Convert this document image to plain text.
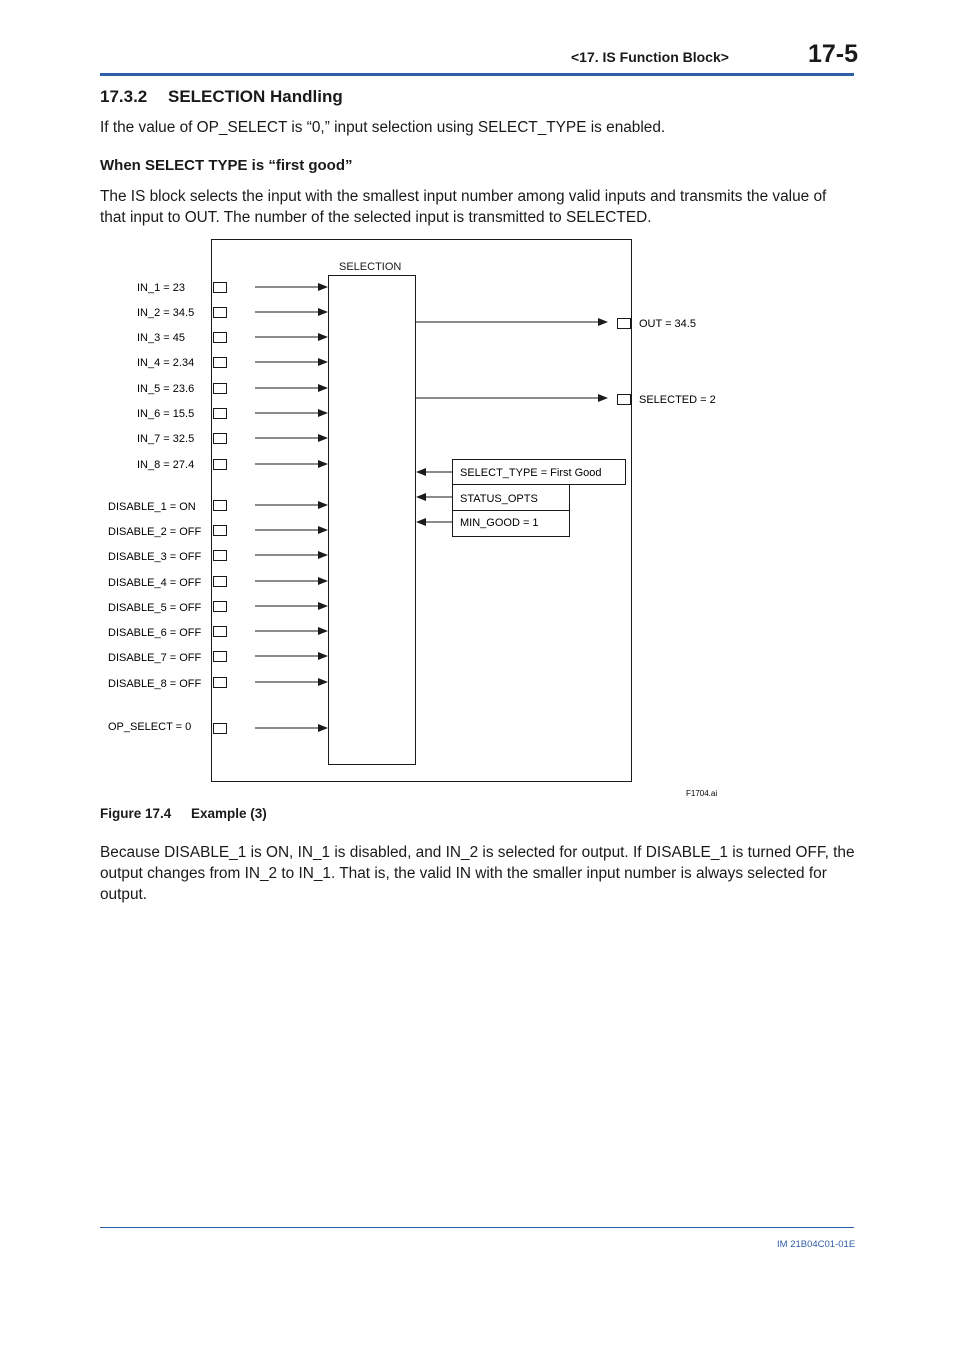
<17. IS Function Block>	17-5
17.3.2 SELECTION Handling
If the value of OP_SELECT is “0,” input selection using SELECT_TYPE is enabled.
When SELECT TYPE is “first good”
The IS block selects the input with the smallest input number among valid inputs and transmits the value of that input to OUT. The number of the selected input is transmitted to SELECTED.
SELECTION
IN_1 = 23
IN_2 = 34.5
IN_3 = 45
IN_4 = 2.34
IN_5 = 23.6
IN_6 = 15.5
IN_7 = 32.5
IN_8 = 27.4
DISABLE_1 = ON
DISABLE_2 = OFF
DISABLE_3 = OFF
DISABLE_4 = OFF
DISABLE_5 = OFF
DISABLE_6 = OFF
DISABLE_7 = OFF
DISABLE_8 = OFF
OP_SELECT = 0
OUT = 34.5
SELECTED = 2
SELECT_TYPE = First Good
STATUS_OPTS
MIN_GOOD = 1
F1704.ai
Figure 17.4 Example (3)
Because DISABLE_1 is ON, IN_1 is disabled, and IN_2 is selected for output. If DISABLE_1 is turned OFF, the output changes from IN_2 to IN_1. That is, the valid IN with the smaller input number is always selected for output.
IM 21B04C01-01E
